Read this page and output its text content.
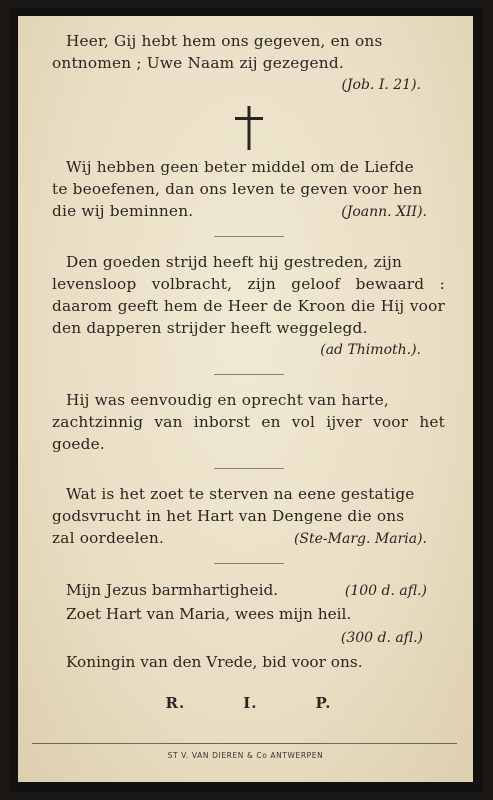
Heer, Gij hebt hem ons gegeven, en ons
ontnomen ; Uwe Naam zij gezegend.

(Job. I. 21).

Wij hebben geen beter middel om de Liefde
te beoefenen, dan ons leven te geven voor hen

die wij beminnen.	(Joann. XII).

Den goeden strijd heeft hij gestreden, zijn
levensloop volbracht, zijn geloof bewaard : daarom geeft hem de Heer de Kroon die Hij voor den dapperen strijder heeft weggelegd.

(ad Thimoth.).

Hij was eenvoudig en oprecht van harte,
zachtzinnig van inborst en vol ijver voor het goede.

Wat is het zoet te sterven na eene gestatige
godsvrucht in het Hart van Dengene die ons

zal oordeelen.	(Ste-Marg. Maria).
Mijn Jezus barmhartigheid.	(100 d. afl.)
Zoet Hart van Maria, wees mijn heil.
(300 d. afl.)
Koningin van den Vrede, bid voor ons.
R.	I.	P.
ST V. VAN DIEREN & Co ANTWERPEN
